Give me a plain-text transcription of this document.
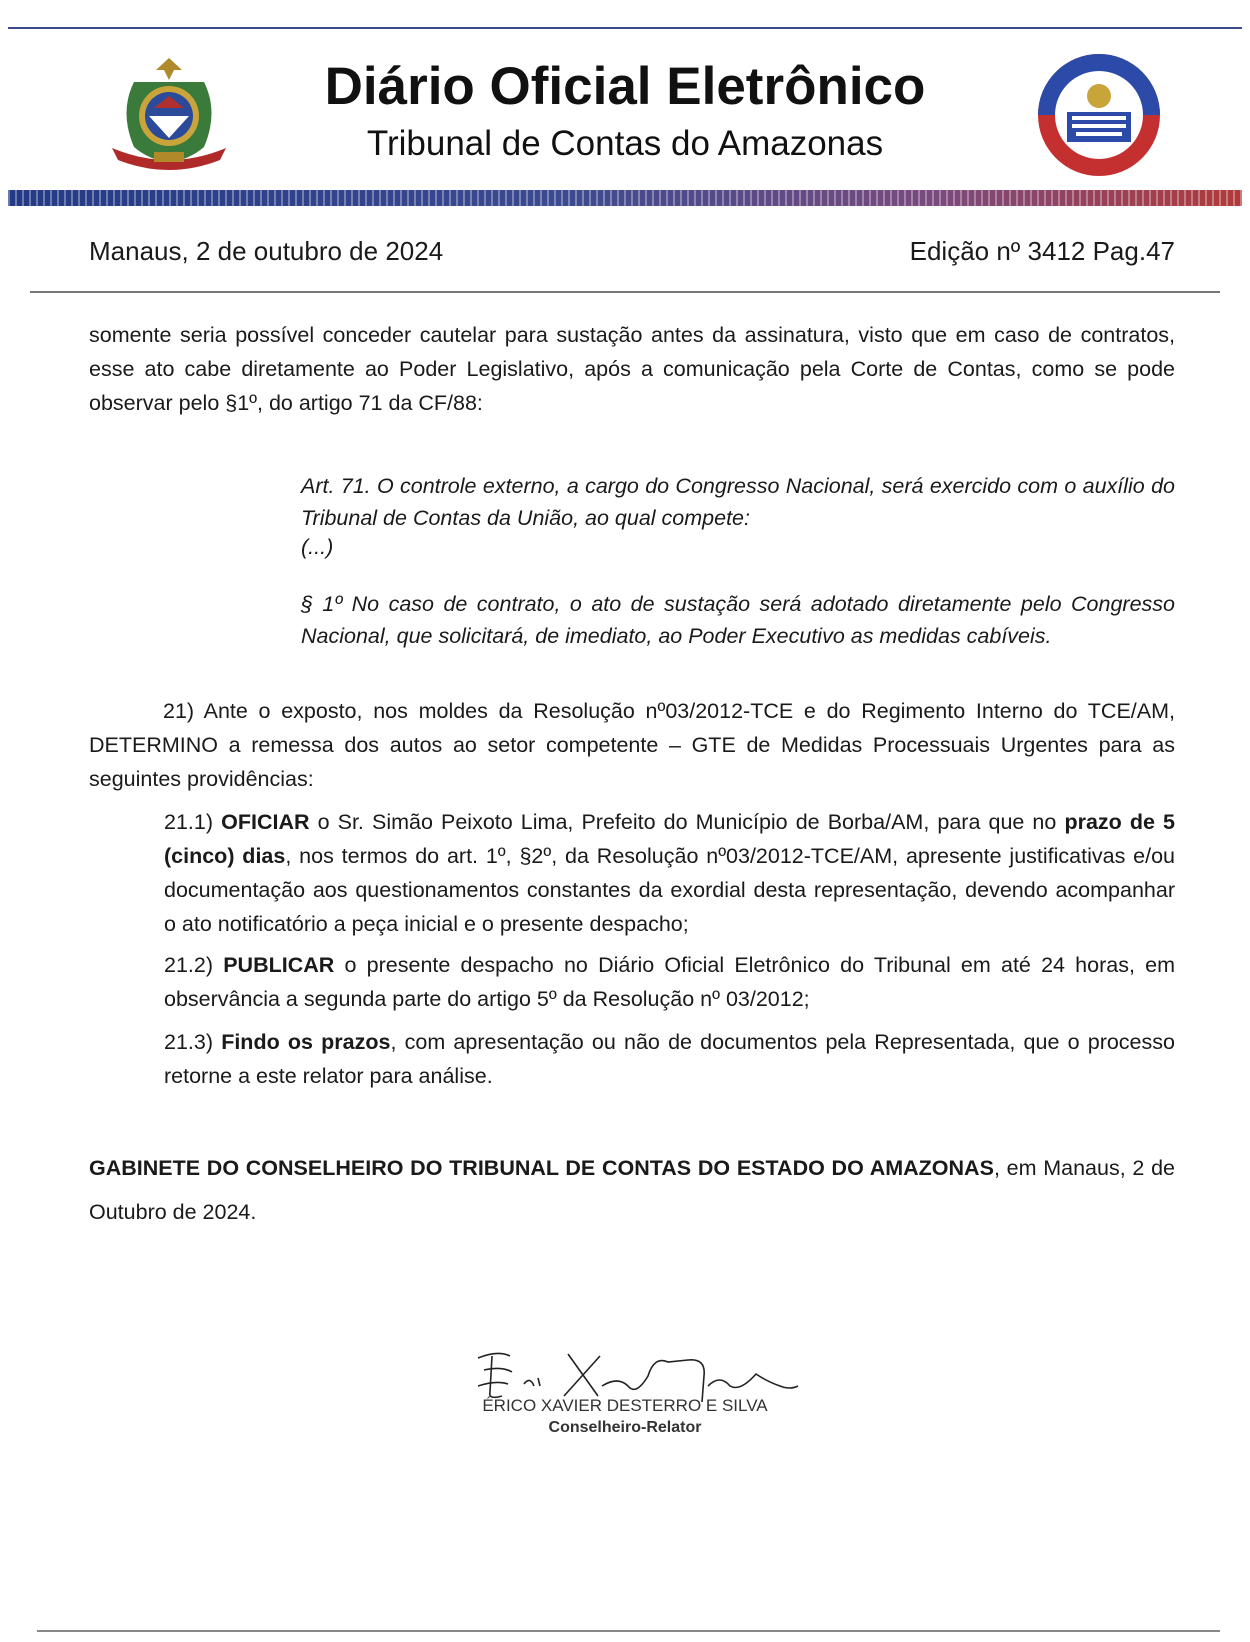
Diário Oficial Eletrônico
Tribunal de Contas do Amazonas
Manaus, 2 de outubro de 2024	Edição nº 3412 Pag.47
somente seria possível conceder cautelar para sustação antes da assinatura, visto que em caso de contratos, esse ato cabe diretamente ao Poder Legislativo, após a comunicação pela Corte de Contas, como se pode observar pelo §1º, do artigo 71 da CF/88:
Art. 71. O controle externo, a cargo do Congresso Nacional, será exercido com o auxílio do Tribunal de Contas da União, ao qual compete:
(...)
§ 1º No caso de contrato, o ato de sustação será adotado diretamente pelo Congresso Nacional, que solicitará, de imediato, ao Poder Executivo as medidas cabíveis.
21) Ante o exposto, nos moldes da Resolução nº03/2012-TCE e do Regimento Interno do TCE/AM, DETERMINO a remessa dos autos ao setor competente – GTE de Medidas Processuais Urgentes para as seguintes providências:
21.1) OFICIAR o Sr. Simão Peixoto Lima, Prefeito do Município de Borba/AM, para que no prazo de 5 (cinco) dias, nos termos do art. 1º, §2º, da Resolução nº03/2012-TCE/AM, apresente justificativas e/ou documentação aos questionamentos constantes da exordial desta representação, devendo acompanhar o ato notificatório a peça inicial e o presente despacho;
21.2) PUBLICAR o presente despacho no Diário Oficial Eletrônico do Tribunal em até 24 horas, em observância a segunda parte do artigo 5º da Resolução nº 03/2012;
21.3) Findo os prazos, com apresentação ou não de documentos pela Representada, que o processo retorne a este relator para análise.
GABINETE DO CONSELHEIRO DO TRIBUNAL DE CONTAS DO ESTADO DO AMAZONAS, em Manaus, 2 de Outubro de 2024.
ÉRICO XAVIER DESTERRO E SILVA
Conselheiro-Relator
